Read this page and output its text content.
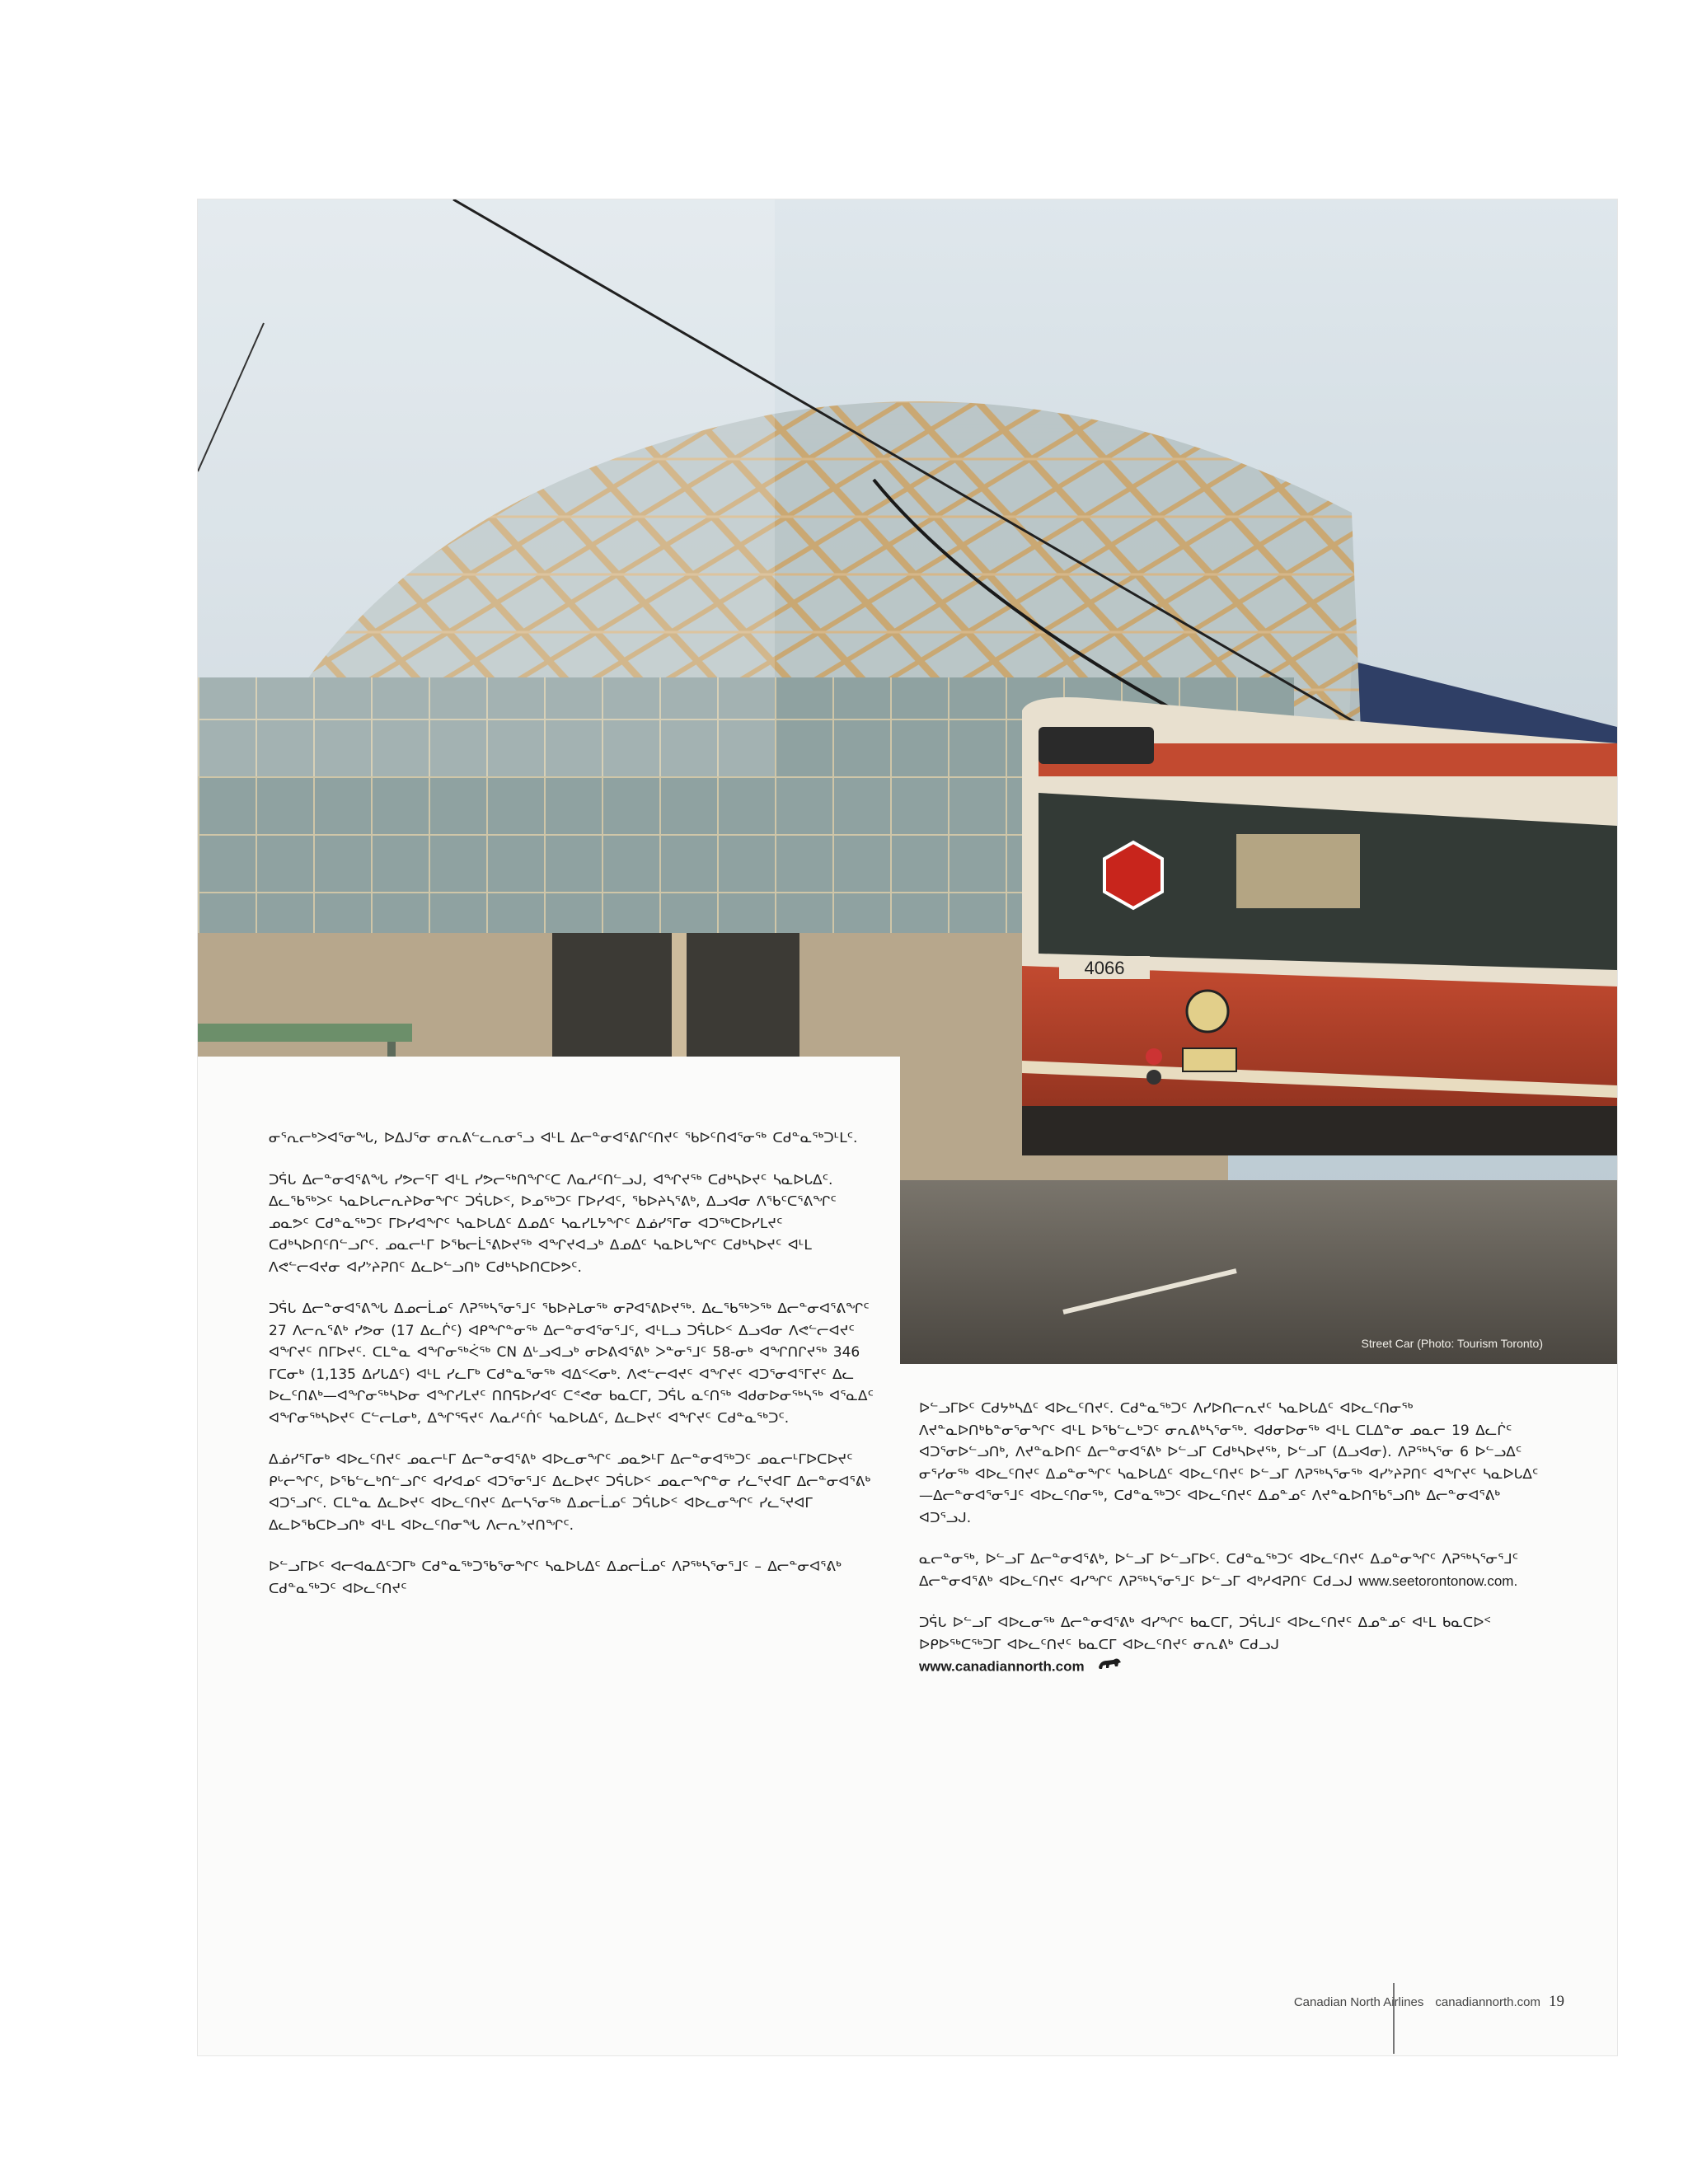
4066
Street Car (Photo: Tourism Toronto)

ᓂᕐᕆᓕᒃᐳᐊᕐᓂᖓ, ᐅᐃᒍᕐᓂ ᓂᕆᕕᓪᓚᕆᓂᕐᓗ ᐊᒻᒪ ᐃᓕᓐᓂᐊᕐᕕᒋᑦᑎᔪᑦ ᖃᐅᑦᑎᐊᕐᓂᖅ ᑕᑯᓐᓇᖅᑐᒻᒪᑦ.

ᑐᕌᒐ ᐃᓕᓐᓂᐊᕐᕕᖓ ᓯᕗᓕᕐᒥ ᐊᒻᒪ ᓯᕗᓕᖅᑎᖏᑦᑕ ᐱᓇᓱᑦᑎᓪᓗᒍ, ᐊᖏᔪᖅ ᑕᑯᒃᓴᐅᔪᑦ ᓴᓇᐅᒐᐃᑦ. ᐃᓚᖃᖅᐳᑦ ᓴᓇᐅᒐᓕᕆᔨᐅᓂᖏᑦ ᑐᕌᒐᐅᑉ, ᐅᓄᖅᑐᑦ ᒥᐅᓯᐊᑦ, ᖃᐅᔨᓴᕐᕕᒃ, ᐃᓗᐊᓂ ᐱᖃᑦᑕᕐᕕᖏᑦ ᓄᓇᕗᑦ ᑕᑯᓐᓇᖅᑐᑦ ᒥᐅᓯᐊᖏᑦ ᓴᓇᐅᒐᐃᑦ ᐃᓄᐃᑦ ᓴᓇᓯᒪᔭᖏᑦ ᐃᓅᓯᕐᒥᓂ ᐊᑐᖅᑕᐅᓯᒪᔪᑦ ᑕᑯᒃᓴᐅᑎᑦᑎᓪᓗᒋᑦ. ᓄᓇᓕᒻᒥ ᐅᖃᓕᒫᕐᕕᐅᔪᖅ ᐊᖏᔪᐊᓗᒃ ᐃᓄᐃᑦ ᓴᓇᐅᒐᖏᑦ ᑕᑯᒃᓴᐅᔪᑦ ᐊᒻᒪ ᐱᕙᓪᓕᐊᔪᓂ ᐊᓯᔾᔨᕈᑎᑦ ᐃᓚᐅᓪᓗᑎᒃ ᑕᑯᒃᓴᐅᑎᑕᐅᕗᑦ.

ᑐᕌᒐ ᐃᓕᓐᓂᐊᕐᕕᖓ ᐃᓄᓕᒫᓄᑦ ᐱᕈᖅᓴᕐᓂᕐᒧᑦ ᖃᐅᔨᒪᓂᖅ ᓂᕈᐊᕐᕕᐅᔪᖅ. ᐃᓚᖃᖅᐳᖅ ᐃᓕᓐᓂᐊᕐᕕᖏᑦ 27 ᐱᓕᕆᕐᕕᒃ ᓯᕗᓂ (17 ᐃᓚᒌᑦ) ᐊᑭᖏᓐᓂᖅ ᐃᓕᓐᓂᐊᕐᓂᕐᒧᑦ, ᐊᒻᒪᓗ ᑐᕌᒐᐅᑉ ᐃᓗᐊᓂ ᐱᕙᓪᓕᐊᔪᑦ ᐊᖏᔪᑦ ᑎᒥᐅᔪᑦ. ᑕᒪᓐᓇ ᐊᖏᓂᖅᐹᖅ CN ᐃᒡᓗᐊᓗᒃ ᓂᐅᕕᐊᕐᕕᒃ ᐳᓐᓂᕐᒧᑦ 58-ᓂᒃ ᐊᖏᑎᒋᔪᖅ 346 ᒥᑕᓂᒃ (1,135 ᐃᓯᒐᐃᑦ) ᐊᒻᒪ ᓯᓚᒥᒃ ᑕᑯᓐᓇᕐᓂᖅ ᐊᐃᑉᐸᓂᒃ. ᐱᕙᓪᓕᐊᔪᑦ ᐊᖏᔪᑦ ᐊᑐᕐᓂᐊᕐᒥᔪᑦ ᐃᓚ ᐅᓚᑦᑎᕕᒃ—ᐊᖏᓂᖅᓴᐅᓂ ᐊᖏᓯᒪᔪᑦ ᑎᑎᕋᐅᓯᐊᑦ ᑕᕝᕙᓂ ᑲᓇᑕᒥ, ᑐᕌᒐ ᓇᑦᑎᖅ ᐊᑯᓂᐅᓂᖅᓴᖅ ᐊᕐᓇᐃᑦ ᐊᖏᓂᖅᓴᐅᔪᑦ ᑕᓪᓕᒪᓂᒃ, ᐃᖏᕐᕋᔪᑦ ᐱᓇᓱᑦᑏᑦ ᓴᓇᐅᒐᐃᑦ, ᐃᓚᐅᔪᑦ ᐊᖏᔪᑦ ᑕᑯᓐᓇᖅᑐᑦ.

ᐃᓅᓯᕐᒥᓂᒃ ᐊᐅᓚᑦᑎᔪᑦ ᓄᓇᓕᒻᒥ ᐃᓕᓐᓂᐊᕐᕕᒃ ᐊᐅᓚᓂᖏᑦ ᓄᓇᕗᒻᒥ ᐃᓕᓐᓂᐊᖅᑐᑦ ᓄᓇᓕᒻᒥᐅᑕᐅᔪᑦ ᑭᒡᓕᖏᑦ, ᐅᖃᓪᓚᒃᑎᓪᓗᒋᑦ ᐊᓯᐊᓄᑦ ᐊᑐᕐᓂᕐᒧᑦ ᐃᓚᐅᔪᑦ ᑐᕌᒐᐅᑉ ᓄᓇᓕᖏᓐᓂ ᓯᓚᕐᔪᐊᒥ ᐃᓕᓐᓂᐊᕐᕕᒃ ᐊᑐᕐᓗᒋᑦ. ᑕᒪᓐᓇ ᐃᓚᐅᔪᑦ ᐊᐅᓚᑦᑎᔪᑦ ᐃᓕᓴᕐᓂᖅ ᐃᓄᓕᒫᓄᑦ ᑐᕌᒐᐅᑉ ᐊᐅᓚᓂᖏᑦ ᓯᓚᕐᔪᐊᒥ ᐃᓚᐅᖃᑕᐅᓗᑎᒃ ᐊᒻᒪ ᐊᐅᓚᑦᑎᓂᖓ ᐱᓕᕆᔾᔪᑎᖏᑦ.

ᐅᓪᓗᒥᐅᑦ ᐊᓕᐊᓇᐃᑦᑐᒥᒃ ᑕᑯᓐᓇᖅᑐᖃᕐᓂᖏᑦ ᓴᓇᐅᒐᐃᑦ ᐃᓄᓕᒫᓄᑦ ᐱᕈᖅᓴᕐᓂᕐᒧᑦ – ᐃᓕᓐᓂᐊᕐᕕᒃ ᑕᑯᓐᓇᖅᑐᑦ ᐊᐅᓚᑦᑎᔪᑦ

ᐅᓪᓗᒥᐅᑦ ᑕᑯᔭᒃᓴᐃᑦ ᐊᐅᓚᑦᑎᔪᑦ. ᑕᑯᓐᓇᖅᑐᑦ ᐱᓯᐅᑎᓕᕆᔪᑦ ᓴᓇᐅᒐᐃᑦ ᐊᐅᓚᑦᑎᓂᖅ ᐱᔪᓐᓇᐅᑎᒃᑲᓐᓂᕐᓂᖏᑦ ᐊᒻᒪ ᐅᖃᓪᓚᒃᑐᑦ ᓂᕆᕕᒃᓴᕐᓂᖅ. ᐊᑯᓂᐅᓂᖅ ᐊᒻᒪ ᑕᒪᐃᓐᓂ ᓄᓇᓕ 19 ᐃᓚᒌᑦ ᐊᑐᕐᓂᐅᓪᓗᑎᒃ, ᐱᔪᓐᓇᐅᑎᑦ ᐃᓕᓐᓂᐊᕐᕕᒃ ᐅᓪᓗᒥ ᑕᑯᒃᓴᐅᔪᖅ, ᐅᓪᓗᒥ (ᐃᓗᐊᓂ). ᐱᕈᖅᓴᕐᓂ 6 ᐅᓪᓗᐃᑦ ᓂᕐᓯᓂᖅ ᐊᐅᓚᑦᑎᔪᑦ ᐃᓄᓐᓂᖏᑦ ᓴᓇᐅᒐᐃᑦ ᐊᐅᓚᑦᑎᔪᑦ ᐅᓪᓗᒥ ᐱᕈᖅᓴᕐᓂᖅ ᐊᓯᔾᔨᕈᑎᑦ ᐊᖏᔪᑦ ᓴᓇᐅᒐᐃᑦ—ᐃᓕᓐᓂᐊᕐᓂᕐᒧᑦ ᐊᐅᓚᑦᑎᓂᖅ, ᑕᑯᓐᓇᖅᑐᑦ ᐊᐅᓚᑦᑎᔪᑦ ᐃᓄᓐᓄᑦ ᐱᔪᓐᓇᐅᑎᖃᕐᓗᑎᒃ ᐃᓕᓐᓂᐊᕐᕕᒃ ᐊᑐᕐᓗᒍ.

ᓇᓕᓐᓂᖅ, ᐅᓪᓗᒥ ᐃᓕᓐᓂᐊᕐᕕᒃ, ᐅᓪᓗᒥ ᐅᓪᓗᒥᐅᑦ. ᑕᑯᓐᓇᖅᑐᑦ ᐊᐅᓚᑦᑎᔪᑦ ᐃᓄᓐᓂᖏᑦ ᐱᕈᖅᓴᕐᓂᕐᒧᑦ ᐃᓕᓐᓂᐊᕐᕕᒃ ᐊᐅᓚᑦᑎᔪᑦ ᐊᓯᖏᑦ ᐱᕈᖅᓴᕐᓂᕐᒧᑦ ᐅᓪᓗᒥ ᐊᒃᓱᐊᕈᑎᑦ ᑕᑯᓗᒍ www.seetorontonow.com.

ᑐᕌᒐ ᐅᓪᓗᒥ ᐊᐅᓚᓂᖅ ᐃᓕᓐᓂᐊᕐᕕᒃ ᐊᓯᖏᑦ ᑲᓇᑕᒥ, ᑐᕌᒐᒧᑦ ᐊᐅᓚᑦᑎᔪᑦ ᐃᓄᓐᓄᑦ ᐊᒻᒪ ᑲᓇᑕᐅᑉ ᐅᑭᐅᖅᑕᖅᑐᒥ ᐊᐅᓚᑦᑎᔪᑦ ᑲᓇᑕᒥ ᐊᐅᓚᑦᑎᔪᑦ ᓂᕆᕕᒃ ᑕᑯᓗᒍ
www.canadiannorth.com

Canadian North Airlines canadiannorth.com 19
